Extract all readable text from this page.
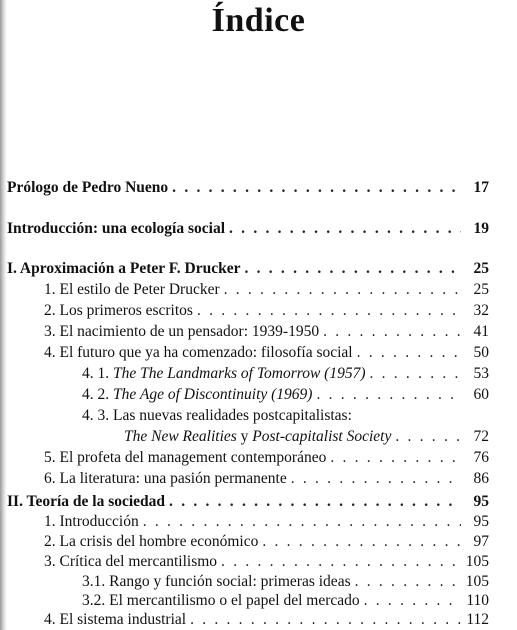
Índice
Prólogo de Pedro Nueno . . .	17
Introducción: una ecología social . . .	19
I. Aproximación a Peter F. Drucker . . .	25
1. El estilo de Peter Drucker . . .	25
2. Los primeros escritos . . .	32
3. El nacimiento de un pensador: 1939-1950 . . .	41
4. El futuro que ya ha comenzado: filosofía social . . .	50
4. 1. The The Landmarks of Tomorrow (1957) . . .	53
4. 2. The Age of Discontinuity (1969) . . .	60
4. 3. Las nuevas realidades postcapitalistas:
The New Realities y Post-capitalist Society . . .	72
5. El profeta del management contemporáneo . . .	76
6. La literatura: una pasión permanente . . .	86
II. Teoría de la sociedad . . .	95
1. Introducción . . .	95
2. La crisis del hombre económico . . .	97
3. Crítica del mercantilismo . . .	105
3.1. Rango y función social: primeras ideas . . .	105
3.2. El mercantilismo o el papel del mercado . . .	110
4. El sistema industrial . . .	112
